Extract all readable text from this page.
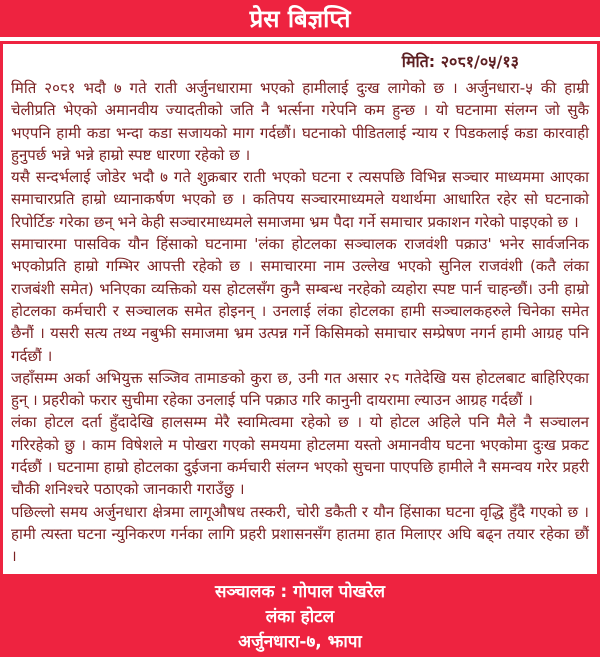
प्रेस बिज्ञप्ति
मिति: २०८१/०५/१३

मिति २०८१ भदौ ७ गते राती अर्जुनधारामा भएको हामीलाई दुःख लागेको छ । अर्जुनधारा-५ की हाम्री चेलीप्रति भेएको अमानवीय ज्यादतीको जति नै भर्त्सना गरेपनि कम हुन्छ । यो घटनामा संलग्न जो सुकै भएपनि हामी कडा भन्दा कडा सजायको माग गर्दछौं। घटनाको पीडितलाई न्याय र पिडकलाई कडा कारवाही हुनुपर्छ भन्ने भन्ने हाम्रो स्पष्ट धारणा रहेको छ ।

यसै सन्दर्भलाई जोडेर भदौ ७ गते शुक्रबार राती भएको घटना र त्यसपछि विभिन्न सञ्चार माध्यममा आएका समाचारप्रति हाम्रो ध्यानाकर्षण भएको छ । कतिपय सञ्चारमाध्यमले यथार्थमा आधारित रहेर सो घटनाको रिपोर्टिङ गरेका छन् भने केही सञ्चारमाध्यमले समाजमा भ्रम पैदा गर्ने समाचार प्रकाशन गरेको पाइएको छ ।

समाचारमा पासविक यौन हिंसाको घटनामा 'लंका होटलका सञ्चालक राजवंशी पक्राउ' भनेर सार्वजनिक भएकोप्रति हाम्रो गम्भिर आपत्ती रहेको छ । समाचारमा नाम उल्लेख भएको सुनिल राजवंशी (कतै लंका राजबंशी समेत) भनिएका व्यक्तिको यस होटलसँग कुनै सम्बन्ध नरहेको व्यहोरा स्पष्ट पार्न चाहन्छौं। उनी हाम्रो होटलका कर्मचारी र सञ्चालक समेत होइनन् । उनलाई लंका होटलका हामी सञ्चालकहरुले चिनेका समेत छैनौं । यसरी सत्य तथ्य नबुझी समाजमा भ्रम उत्पन्न गर्ने किसिमको समाचार सम्प्रेषण नगर्न हामी आग्रह पनि गर्दछौं ।

जहाँसम्म अर्का अभियुक्त सञ्जिव तामाङको कुरा छ, उनी गत असार २८ गतेदेखि यस होटलबाट बाहिरिएका हुन् । प्रहरीको फरार सुचीमा रहेका उनलाई पनि पक्राउ गरि कानुनी दायरामा ल्याउन आग्रह गर्दछौं ।

लंका होटल दर्ता हुँदादेखि हालसम्म मेरै स्वामित्वमा रहेको छ । यो होटल अहिले पनि मैले नै सञ्चालन गरिरहेको छु । काम विषेशले म पोखरा गएको समयमा होटलमा यस्तो अमानवीय घटना भएकोमा दुःख प्रकट गर्दछौं । घटनामा हाम्रो होटलका दुईजना कर्मचारी संलग्न भएको सुचना पाएपछि हामीले नै समन्वय गरेर प्रहरी चौकी शनिश्चरे पठाएको जानकारी गराउँछु ।

पछिल्लो समय अर्जुनधारा क्षेत्रमा लागूऔषध तस्करी, चोरी डकैती र यौन हिंसाका घटना वृद्धि हुँदै गएको छ । हामी त्यस्ता घटना न्युनिकरण गर्नका लागि प्रहरी प्रशासनसँग हातमा हात मिलाएर अघि बढ्न तयार रहेका छौं ।

सञ्चालक : गोपाल पोखरेल
लंका होटल
अर्जुनधारा-७, झापा
